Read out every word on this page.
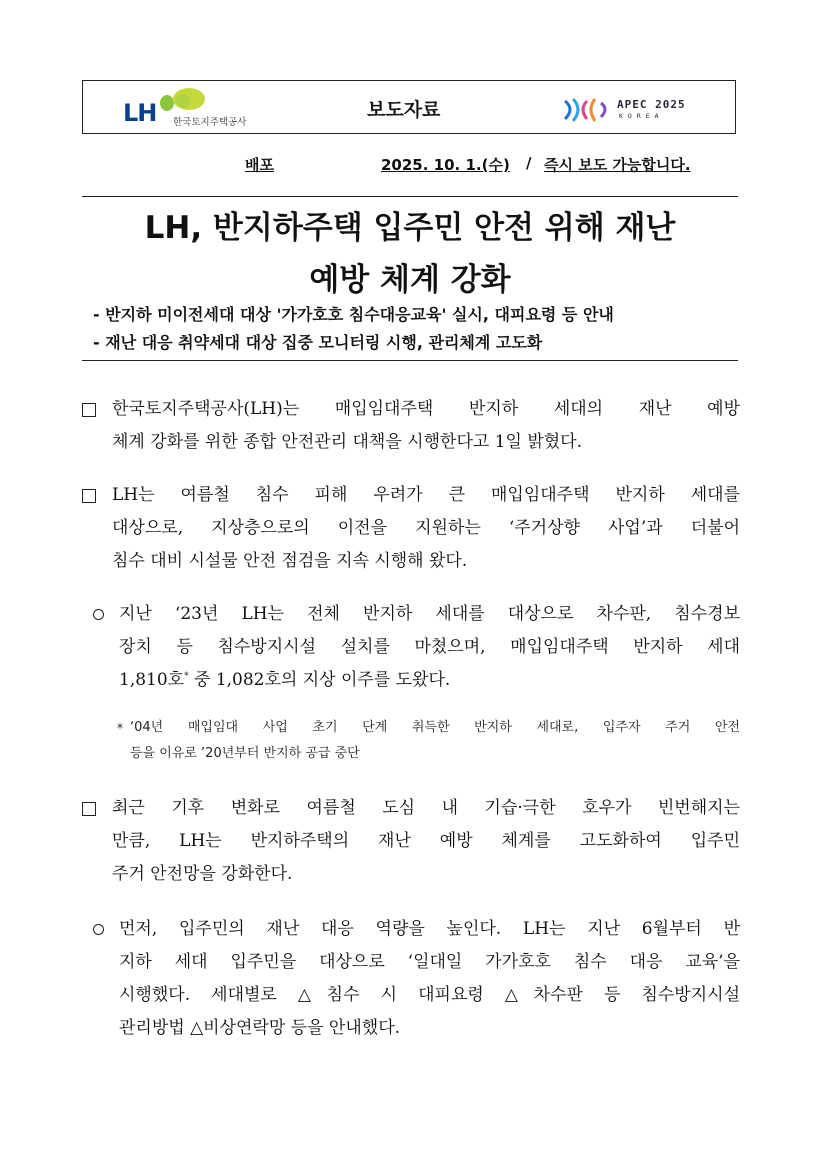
LH 한국토지주택공사
보도자료	APEC 2025
KOREA
배포	2025. 10. 1.(수) / 즉시 보도 가능합니다.
LH, 반지하주택 입주민 안전 위해 재난
예방 체계 강화
- 반지하 미이전세대 대상 '가가호호 침수대응교육' 실시, 대피요령 등 안내
- 재난 대응 취약세대 대상 집중 모니터링 시행, 관리체계 고도화
한국토지주택공사(LH)는 매입임대주택 반지하 세대의 재난 예방
체계 강화를 위한 종합 안전관리 대책을 시행한다고 1일 밝혔다.
LH는 여름철 침수 피해 우려가 큰 매입임대주택 반지하 세대를
대상으로, 지상층으로의 이전을 지원하는 ‘주거상향 사업’과 더불어
침수 대비 시설물 안전 점검을 지속 시행해 왔다.
지난 ‘23년 LH는 전체 반지하 세대를 대상으로 차수판, 침수경보
장치 등 침수방지시설 설치를 마쳤으며, 매입임대주택 반지하 세대
1,810호* 중 1,082호의 지상 이주를 도왔다.
* ‘04년 매입임대 사업 초기 단계 취득한 반지하 세대로, 입주자 주거 안전
등을 이유로 ’20년부터 반지하 공급 중단
최근 기후 변화로 여름철 도심 내 기습·극한 호우가 빈번해지는
만큼, LH는 반지하주택의 재난 예방 체계를 고도화하여 입주민
주거 안전망을 강화한다.
먼저, 입주민의 재난 대응 역량을 높인다. LH는 지난 6월부터 반
지하 세대 입주민을 대상으로 ‘일대일 가가호호 침수 대응 교육’을
시행했다. 세대별로 △침수 시 대피요령 △차수판 등 침수방지시설
관리방법 △비상연락망 등을 안내했다.
